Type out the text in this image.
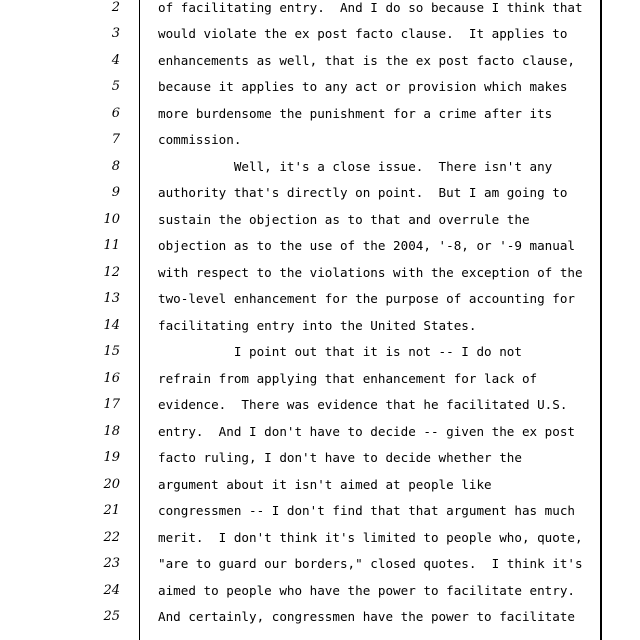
2	of facilitating entry.  And I do so because I think that
3	would violate the ex post facto clause.  It applies to
4	enhancements as well, that is the ex post facto clause,
5	because it applies to any act or provision which makes
6	more burdensome the punishment for a crime after its
7	commission.
8	Well, it's a close issue.  There isn't any
9	authority that's directly on point.  But I am going to
10	sustain the objection as to that and overrule the
11	objection as to the use of the 2004, '-8, or '-9 manual
12	with respect to the violations with the exception of the
13	two-level enhancement for the purpose of accounting for
14	facilitating entry into the United States.
15	I point out that it is not -- I do not
16	refrain from applying that enhancement for lack of
17	evidence.  There was evidence that he facilitated U.S.
18	entry.  And I don't have to decide -- given the ex post
19	facto ruling, I don't have to decide whether the
20	argument about it isn't aimed at people like
21	congressmen -- I don't find that that argument has much
22	merit.  I don't think it's limited to people who, quote,
23	"are to guard our borders," closed quotes.  I think it's
24	aimed to people who have the power to facilitate entry.
25	And certainly, congressmen have the power to facilitate
